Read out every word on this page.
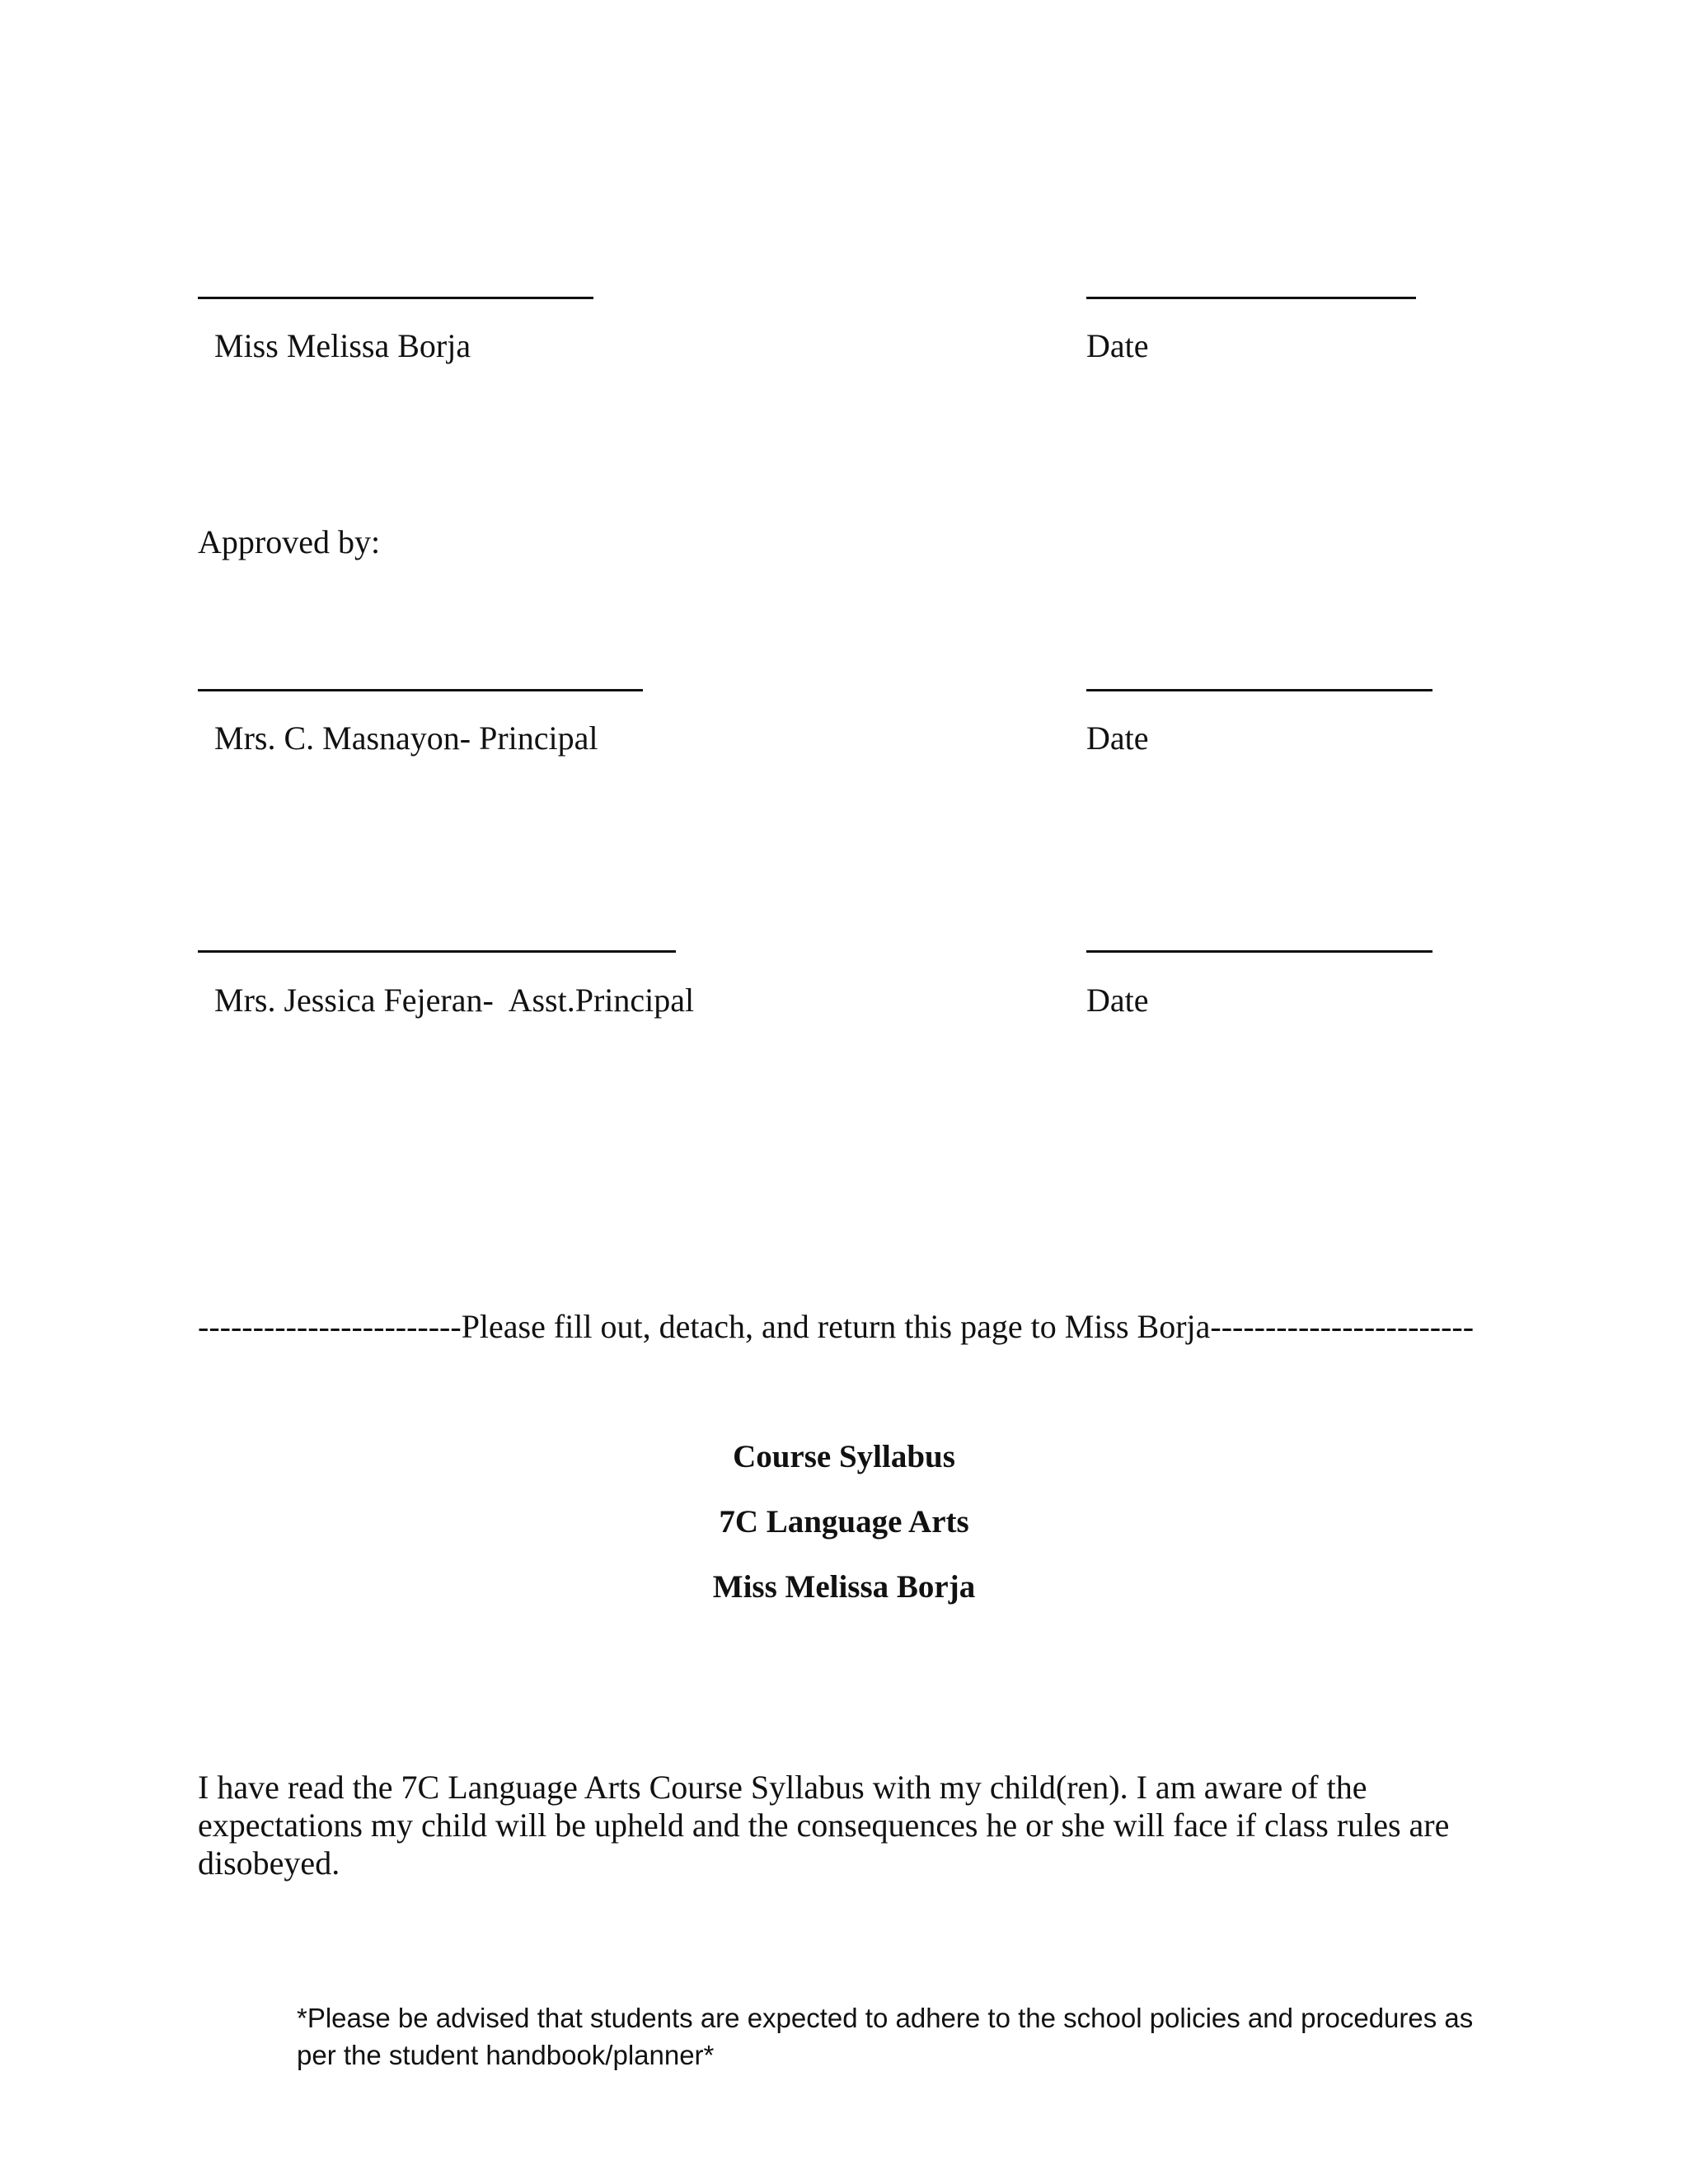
Miss Melissa Borja	Date
Approved by:
Mrs. C. Masnayon- Principal	Date
Mrs. Jessica Fejeran-  Asst.Principal	Date
------------------------Please fill out, detach, and return this page to Miss Borja------------------------
Course Syllabus
7C Language Arts
Miss Melissa Borja
I have read the 7C Language Arts Course Syllabus with my child(ren). I am aware of the expectations my child will be upheld and the consequences he or she will face if class rules are disobeyed.
*Please be advised that students are expected to adhere to the school policies and procedures as per the student handbook/planner*
